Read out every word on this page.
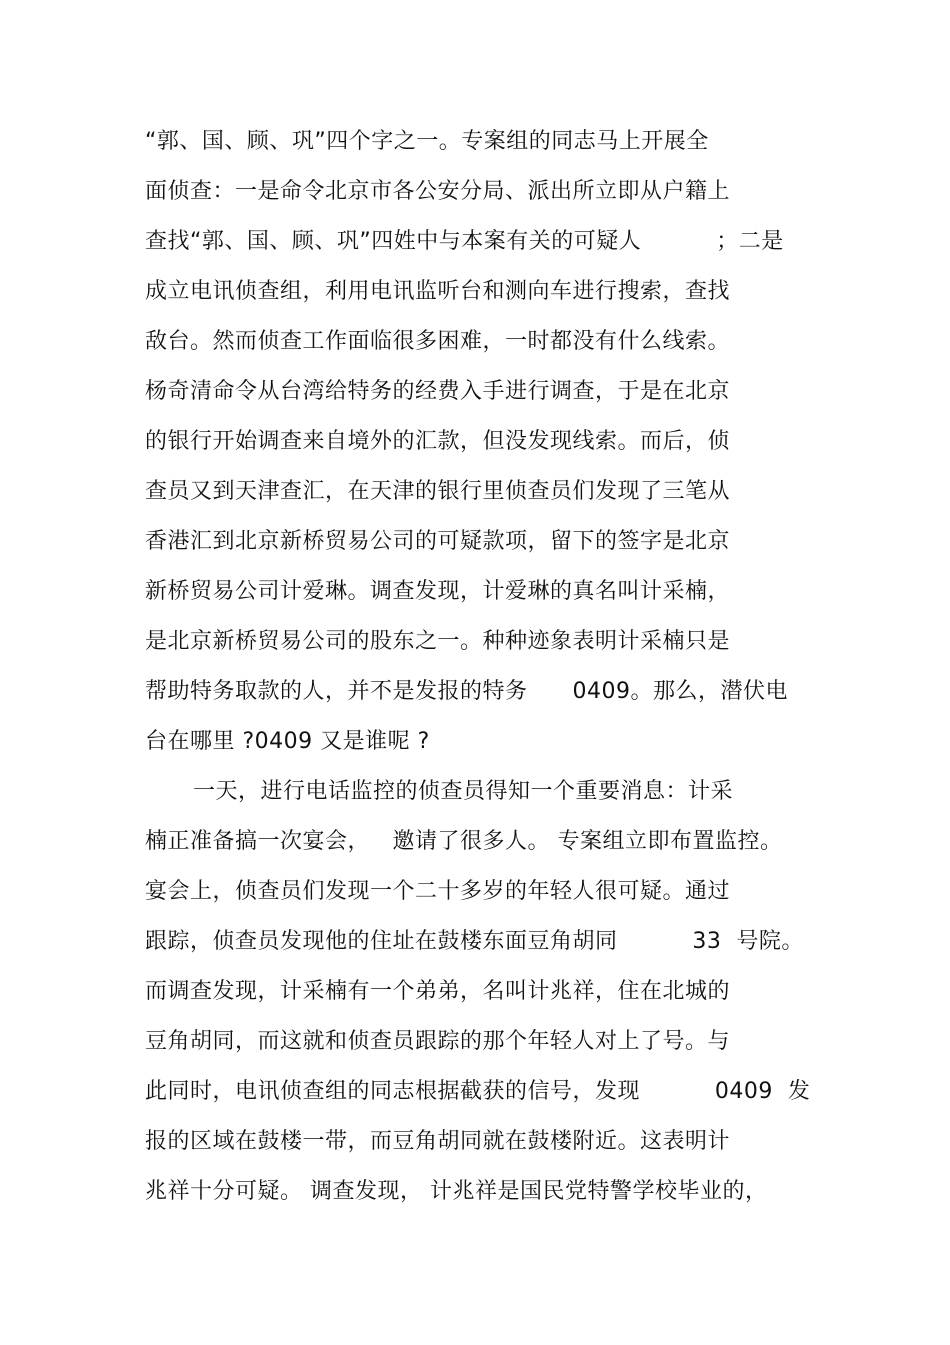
“郭、国、顾、巩”四个字之一。专案组的同志马上开展全
面侦查：一是命令北京市各公安分局、派出所立即从户籍上
查找“郭、国、顾、巩”四姓中与本案有关的可疑人          ；二是
成立电讯侦查组，利用电讯监听台和测向车进行搜索，查找
敌台。然而侦查工作面临很多困难，一时都没有什么线索。
杨奇清命令从台湾给特务的经费入手进行调查，于是在北京
的银行开始调查来自境外的汇款，但没发现线索。而后，侦
查员又到天津查汇，在天津的银行里侦查员们发现了三笔从
香港汇到北京新桥贸易公司的可疑款项，留下的签字是北京
新桥贸易公司计爱琳。调查发现，计爱琳的真名叫计采楠，
是北京新桥贸易公司的股东之一。种种迹象表明计采楠只是
帮助特务取款的人，并不是发报的特务      0409。那么，潜伏电
台在哪里 ?0409 又是谁呢 ?
一天，进行电话监控的侦查员得知一个重要消息：计采
楠正准备搞一次宴会，   邀请了很多人。 专案组立即布置监控。
宴会上，侦查员们发现一个二十多岁的年轻人很可疑。通过
跟踪，侦查员发现他的住址在鼓楼东面豆角胡同          33  号院。
而调查发现，计采楠有一个弟弟，名叫计兆祥，住在北城的
豆角胡同，而这就和侦查员跟踪的那个年轻人对上了号。与
此同时，电讯侦查组的同志根据截获的信号，发现          0409  发
报的区域在鼓楼一带，而豆角胡同就在鼓楼附近。这表明计
兆祥十分可疑。 调查发现， 计兆祥是国民党特警学校毕业的，
